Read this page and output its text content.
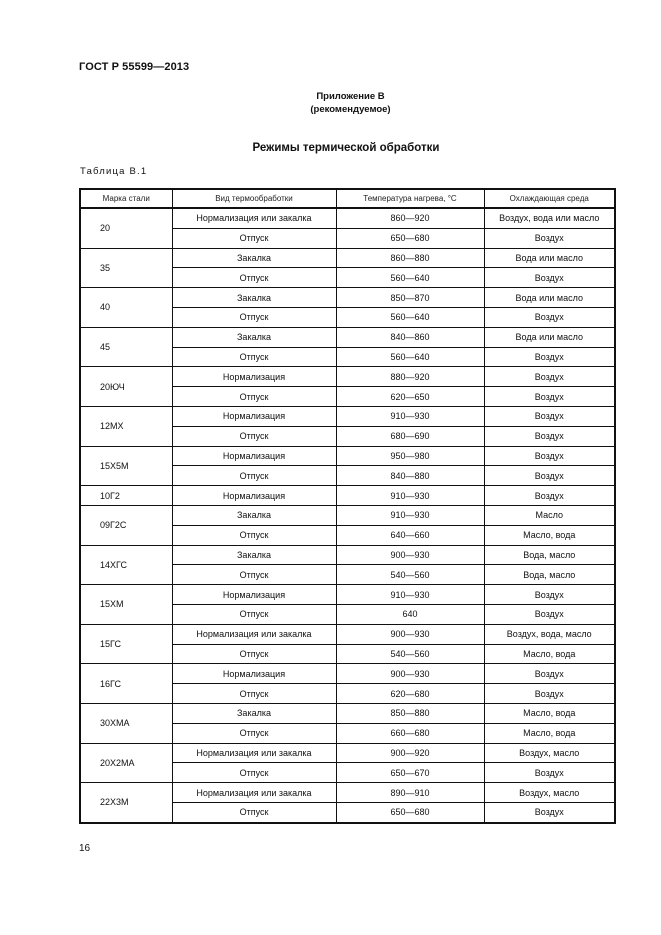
ГОСТ Р 55599—2013
Приложение В
(рекомендуемое)
Режимы термической обработки
Таблица В.1
Марка стали	Вид термообработки	Температура нагрева, °С	Охлаждающая среда
20	Нормализация или закалка	860—920	Воздух, вода или масло
	Отпуск	650—680	Воздух
35	Закалка	860—880	Вода или масло
	Отпуск	560—640	Воздух
40	Закалка	850—870	Вода или масло
	Отпуск	560—640	Воздух
45	Закалка	840—860	Вода или масло
	Отпуск	560—640	Воздух
20ЮЧ	Нормализация	880—920	Воздух
	Отпуск	620—650	Воздух
12МХ	Нормализация	910—930	Воздух
	Отпуск	680—690	Воздух
15Х5М	Нормализация	950—980	Воздух
	Отпуск	840—880	Воздух
10Г2	Нормализация	910—930	Воздух
09Г2С	Закалка	910—930	Масло
	Отпуск	640—660	Масло, вода
14ХГС	Закалка	900—930	Вода, масло
	Отпуск	540—560	Вода, масло
15ХМ	Нормализация	910—930	Воздух
	Отпуск	640	Воздух
15ГС	Нормализация или закалка	900—930	Воздух, вода, масло
	Отпуск	540—560	Масло, вода
16ГС	Нормализация	900—930	Воздух
	Отпуск	620—680	Воздух
30ХМА	Закалка	850—880	Масло, вода
	Отпуск	660—680	Масло, вода
20Х2МА	Нормализация или закалка	900—920	Воздух, масло
	Отпуск	650—670	Воздух
22Х3М	Нормализация или закалка	890—910	Воздух, масло
	Отпуск	650—680	Воздух
16
